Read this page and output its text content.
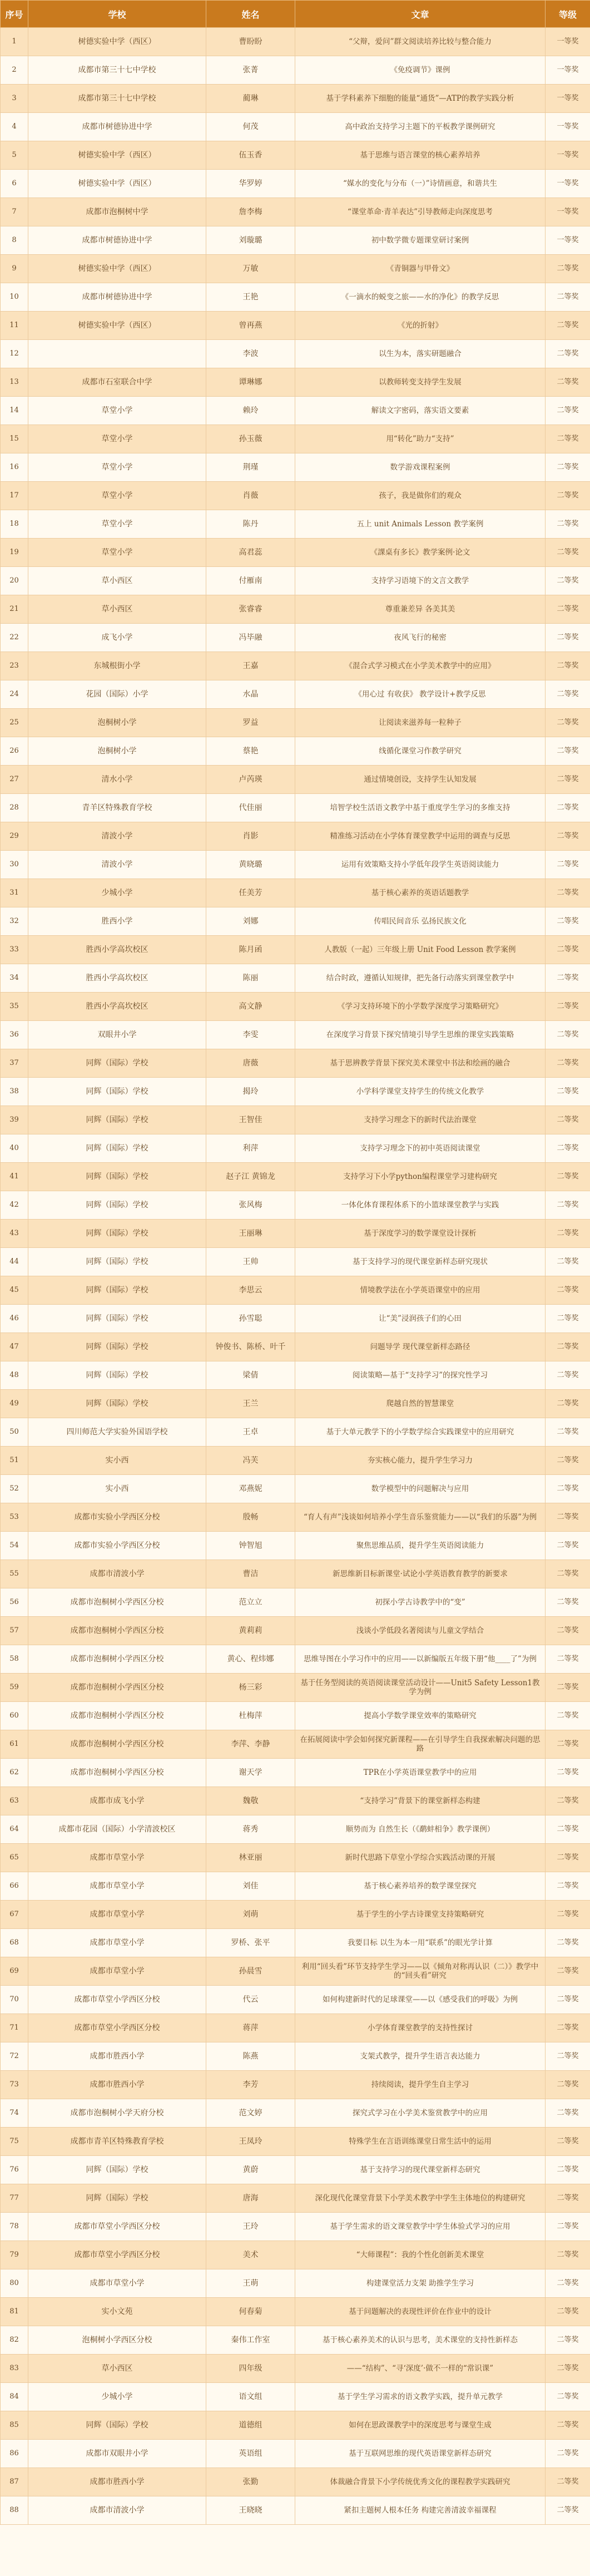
序号	学校	姓名	文章	等级
1	树德实验中学（西区）	曹盼盼	“父辩，爱问”群文阅读培养比较与整合能力	一等奖
2	成都市第三十七中学校	张菁	《免疫调节》课例	一等奖
3	成都市第三十七中学校	蔺琳	基于学科素养下细胞的能量“通货”—ATP的教学实践分析	一等奖
4	成都市树德协进中学	何茂	高中政治支持学习主题下的平板教学课例研究	一等奖
5	树德实验中学（西区）	伍玉香	基于思维与语言课堂的核心素养培养	一等奖
6	树德实验中学（西区）	华罗婷	“媒水的变化与分布（一）”诗情画意，和谐共生	一等奖
7	成都市泡桐树中学	詹李梅	“课堂革命·青羊表达”引导教师走向深度思考	一等奖
8	成都市树德协进中学	刘璇璐	初中数学微专题课堂研讨案例	一等奖
9	树德实验中学（西区）	万敏	《青铜器与甲骨文》	二等奖
10	成都市树德协进中学	王艳	《一滴水的蜕变之旅——水的净化》的教学反思	二等奖
11	树德实验中学（西区）	曾再燕	《光的折射》	二等奖
12		李波	以生为本，落实研题融合	二等奖
13	成都市石室联合中学	谭琳娜	以教师转变支持学生发展	二等奖
14	草堂小学	赖玲	解读文字密码，落实语文要素	二等奖
15	草堂小学	孙玉薇	用“转化”助力“支持”	二等奖
16	草堂小学	荆瑾	数学游戏课程案例	二等奖
17	草堂小学	肖薇	孩子，我是做你们的观众	二等奖
18	草堂小学	陈丹	五上 unit Animals Lesson 教学案例	二等奖
19	草堂小学	高君蕊	《課桌有多长》教学案例·论文	二等奖
20	草小西区	付雁南	支持学习语境下的文言文教学	二等奖
21	草小西区	张睿睿	尊重兼差异 各美其美	二等奖
22	成飞小学	冯毕融	夜风飞行的秘密	二等奖
23	东城根街小学	王嘉	《混合式学习模式在小学美术教学中的应用》	二等奖
24	花园（国际）小学	水晶	《用心过 有收获》 教学设计+教学反思	二等奖
25	泡桐树小学	罗益	让阅读来滋养每一粒种子	二等奖
26	泡桐树小学	蔡艳	线循化课堂习作教学研究	二等奖
27	清水小学	卢芮瑛	通过情境创设，支持学生认知发展	二等奖
28	青羊区特殊教育学校	代佳丽	培智学校生活语文教学中基于重度学生学习的多维支持	二等奖
29	清波小学	肖影	精准练习活动在小学体育课堂教学中运用的调查与反思	二等奖
30	清波小学	黄晓璐	运用有效策略支持小学低年段学生英语阅读能力	二等奖
31	少城小学	任美芳	基于核心素养的英语话题教学	二等奖
32	胜西小学	刘娜	传唱民间音乐 弘扬民族文化	二等奖
33	胜西小学高坎校区	陈月函	人教版（一起）三年级上册 Unit Food Lesson 教学案例	二等奖
34	胜西小学高坎校区	陈丽	结合时政，遵循认知规律，把先备行动落实到课堂教学中	二等奖
35	胜西小学高坎校区	高文静	《学习支持环境下的小学数学深度学习策略研究》	二等奖
36	双眼井小学	李雯	在深度学习背景下探究情境引导学生思维的课堂实践策略	二等奖
37	同辉（国际）学校	唐薇	基于思辨教学背景下探究美术课堂中书法和绘画的融合	二等奖
38	同辉（国际）学校	揭玲	小学科学课堂支持学生的传统文化教学	二等奖
39	同辉（国际）学校	王智佳	支持学习理念下的新时代法治课堂	二等奖
40	同辉（国际）学校	利萍	支持学习理念下的初中英语阅读课堂	二等奖
41	同辉（国际）学校	赵子江 黄锦龙	支持学习下小学python编程课堂学习建构研究	二等奖
42	同辉（国际）学校	张风梅	一体化体育课程体系下的小篮球课堂教学与实践	二等奖
43	同辉（国际）学校	王丽琳	基于深度学习的数学课堂设计探析	二等奖
44	同辉（国际）学校	王帅	基于支持学习的现代课堂新样态研究现状	二等奖
45	同辉（国际）学校	李思云	情境教学法在小学英语课堂中的应用	二等奖
46	同辉（国际）学校	孙雪聪	让“美”浸润孩子们的心田	二等奖
47	同辉（国际）学校	钟俊书、陈桥、叶千	问题导学 现代课堂新样态路径	二等奖
48	同辉（国际）学校	梁倩	阅读策略—基于“支持学习”的探究性学习	二等奖
49	同辉（国际）学校	王兰	爬越自然的智慧课堂	二等奖
50	四川师范大学实验外国语学校	王卓	基于大单元教学下的小学数学综合实践课堂中的应用研究	二等奖
51	实小西	冯芙	夯实核心能力，提升学生学习力	二等奖
52	实小西	邓燕妮	数学模型中的问题解决与应用	二等奖
53	成都市实验小学西区分校	殷畅	“育人有声”浅谈如何培养小学生音乐鉴赏能力——以“我们的乐器”为例	二等奖
54	成都市实验小学西区分校	钟智旭	聚焦思维品质，提升学生英语阅读能力	二等奖
55	成都市清波小学	曹洁	新思维新目标新课堂·试论小学英语教育教学的新要求	二等奖
56	成都市泡桐树小学西区分校	范立立	初探小学古诗教学中的“变”	二等奖
57	成都市泡桐树小学西区分校	黄莉莉	浅谈小学低段名著阅读与儿童文学结合	二等奖
58	成都市泡桐树小学西区分校	黄心、程炜娜	思维导图在小学习作中的应用——以新编版五年级下册“他____了”为例	二等奖
59	成都市泡桐树小学西区分校	杨三彩	基于任务型阅读的英语阅读课堂活动设计——Unit5 Safety Lesson1教学为例	二等奖
60	成都市泡桐树小学西区分校	杜梅萍	提高小学数学课堂效率的策略研究	二等奖
61	成都市泡桐树小学西区分校	李萍、李静	在拓展阅读中学会如何探究新课程——在引导学生自我探索解决问题的思路	二等奖
62	成都市泡桐树小学西区分校	谢天学	TPR在小学英语课堂教学中的应用	二等奖
63	成都市成飞小学	魏敬	“支持学习”背景下的课堂新样态构建	二等奖
64	成都市花园（国际）小学清波校区	蒋秀	顺势而为 自然生长（《鹬蚌相争》教学课例）	二等奖
65	成都市草堂小学	林亚丽	新时代思路下草堂小学综合实践活动课的开展	二等奖
66	成都市草堂小学	刘佳	基于核心素养培养的数学课堂探究	二等奖
67	成都市草堂小学	刘萌	基于学生的小学古诗课堂支持策略研究	二等奖
68	成都市草堂小学	罗桥、张平	我要目标 以生为本一用“联系”的眼光学计算	二等奖
69	成都市草堂小学	孙晨雪	利用“回头看”环节支持学生学习——以《倾角对称再认识（二）》教学中的“回头看”研究	二等奖
70	成都市草堂小学西区分校	代云	如何构建新时代的足球课堂——以《感受我们的呼吸》为例	二等奖
71	成都市草堂小学西区分校	蒋萍	小学体育课堂教学的支持性探讨	二等奖
72	成都市胜西小学	陈燕	支架式教学，提升学生语言表达能力	二等奖
73	成都市胜西小学	李芳	持续阅读，提升学生自主学习	二等奖
74	成都市泡桐树小学天府分校	范文婷	探究式学习在小学美术鉴赏教学中的应用	二等奖
75	成都市青羊区特殊教育学校	王凤玲	特殊学生在言语训练课堂日常生活中的运用	二等奖
76	同辉（国际）学校	黄蔚	基于支持学习的现代课堂新样态研究	二等奖
77	同辉（国际）学校	唐海	深化现代化课堂背景下小学美术教学中学生主体地位的构建研究	二等奖
78	成都市草堂小学西区分校	王玲	基于学生需求的语文课堂教学中学生体验式学习的应用	二等奖
79	成都市草堂小学西区分校	美术	“大师课程”：我的个性化创新美术课堂	二等奖
80	成都市草堂小学	王萌	构建课堂活力支架 助推学生学习	二等奖
81	实小文苑	何春菊	基于问题解决的表现性评价在作业中的设计	二等奖
82	泡桐树小学西区分校	秦伟工作室	基于核心素养美术的认识与思考，美术课堂的支持性新样态	二等奖
83	草小西区	四年级	——“结构”、“寻‘深度’·做不一样的“常识课”	二等奖
84	少城小学	语文组	基于学生学习需求的语文教学实践，提升单元教学	二等奖
85	同辉（国际）学校	道德组	如何在思政课教学中的深度思考与课堂生成	二等奖
86	成都市双眼井小学	英语组	基于互联网思维的现代英语课堂新样态研究	二等奖
87	成都市胜西小学	张勤	体裁融合背景下小学传统优秀文化的课程教学实践研究	二等奖
88	成都市清波小学	王晓晓	紧扣主题树人根本任务 构建完善清波幸福课程	二等奖
